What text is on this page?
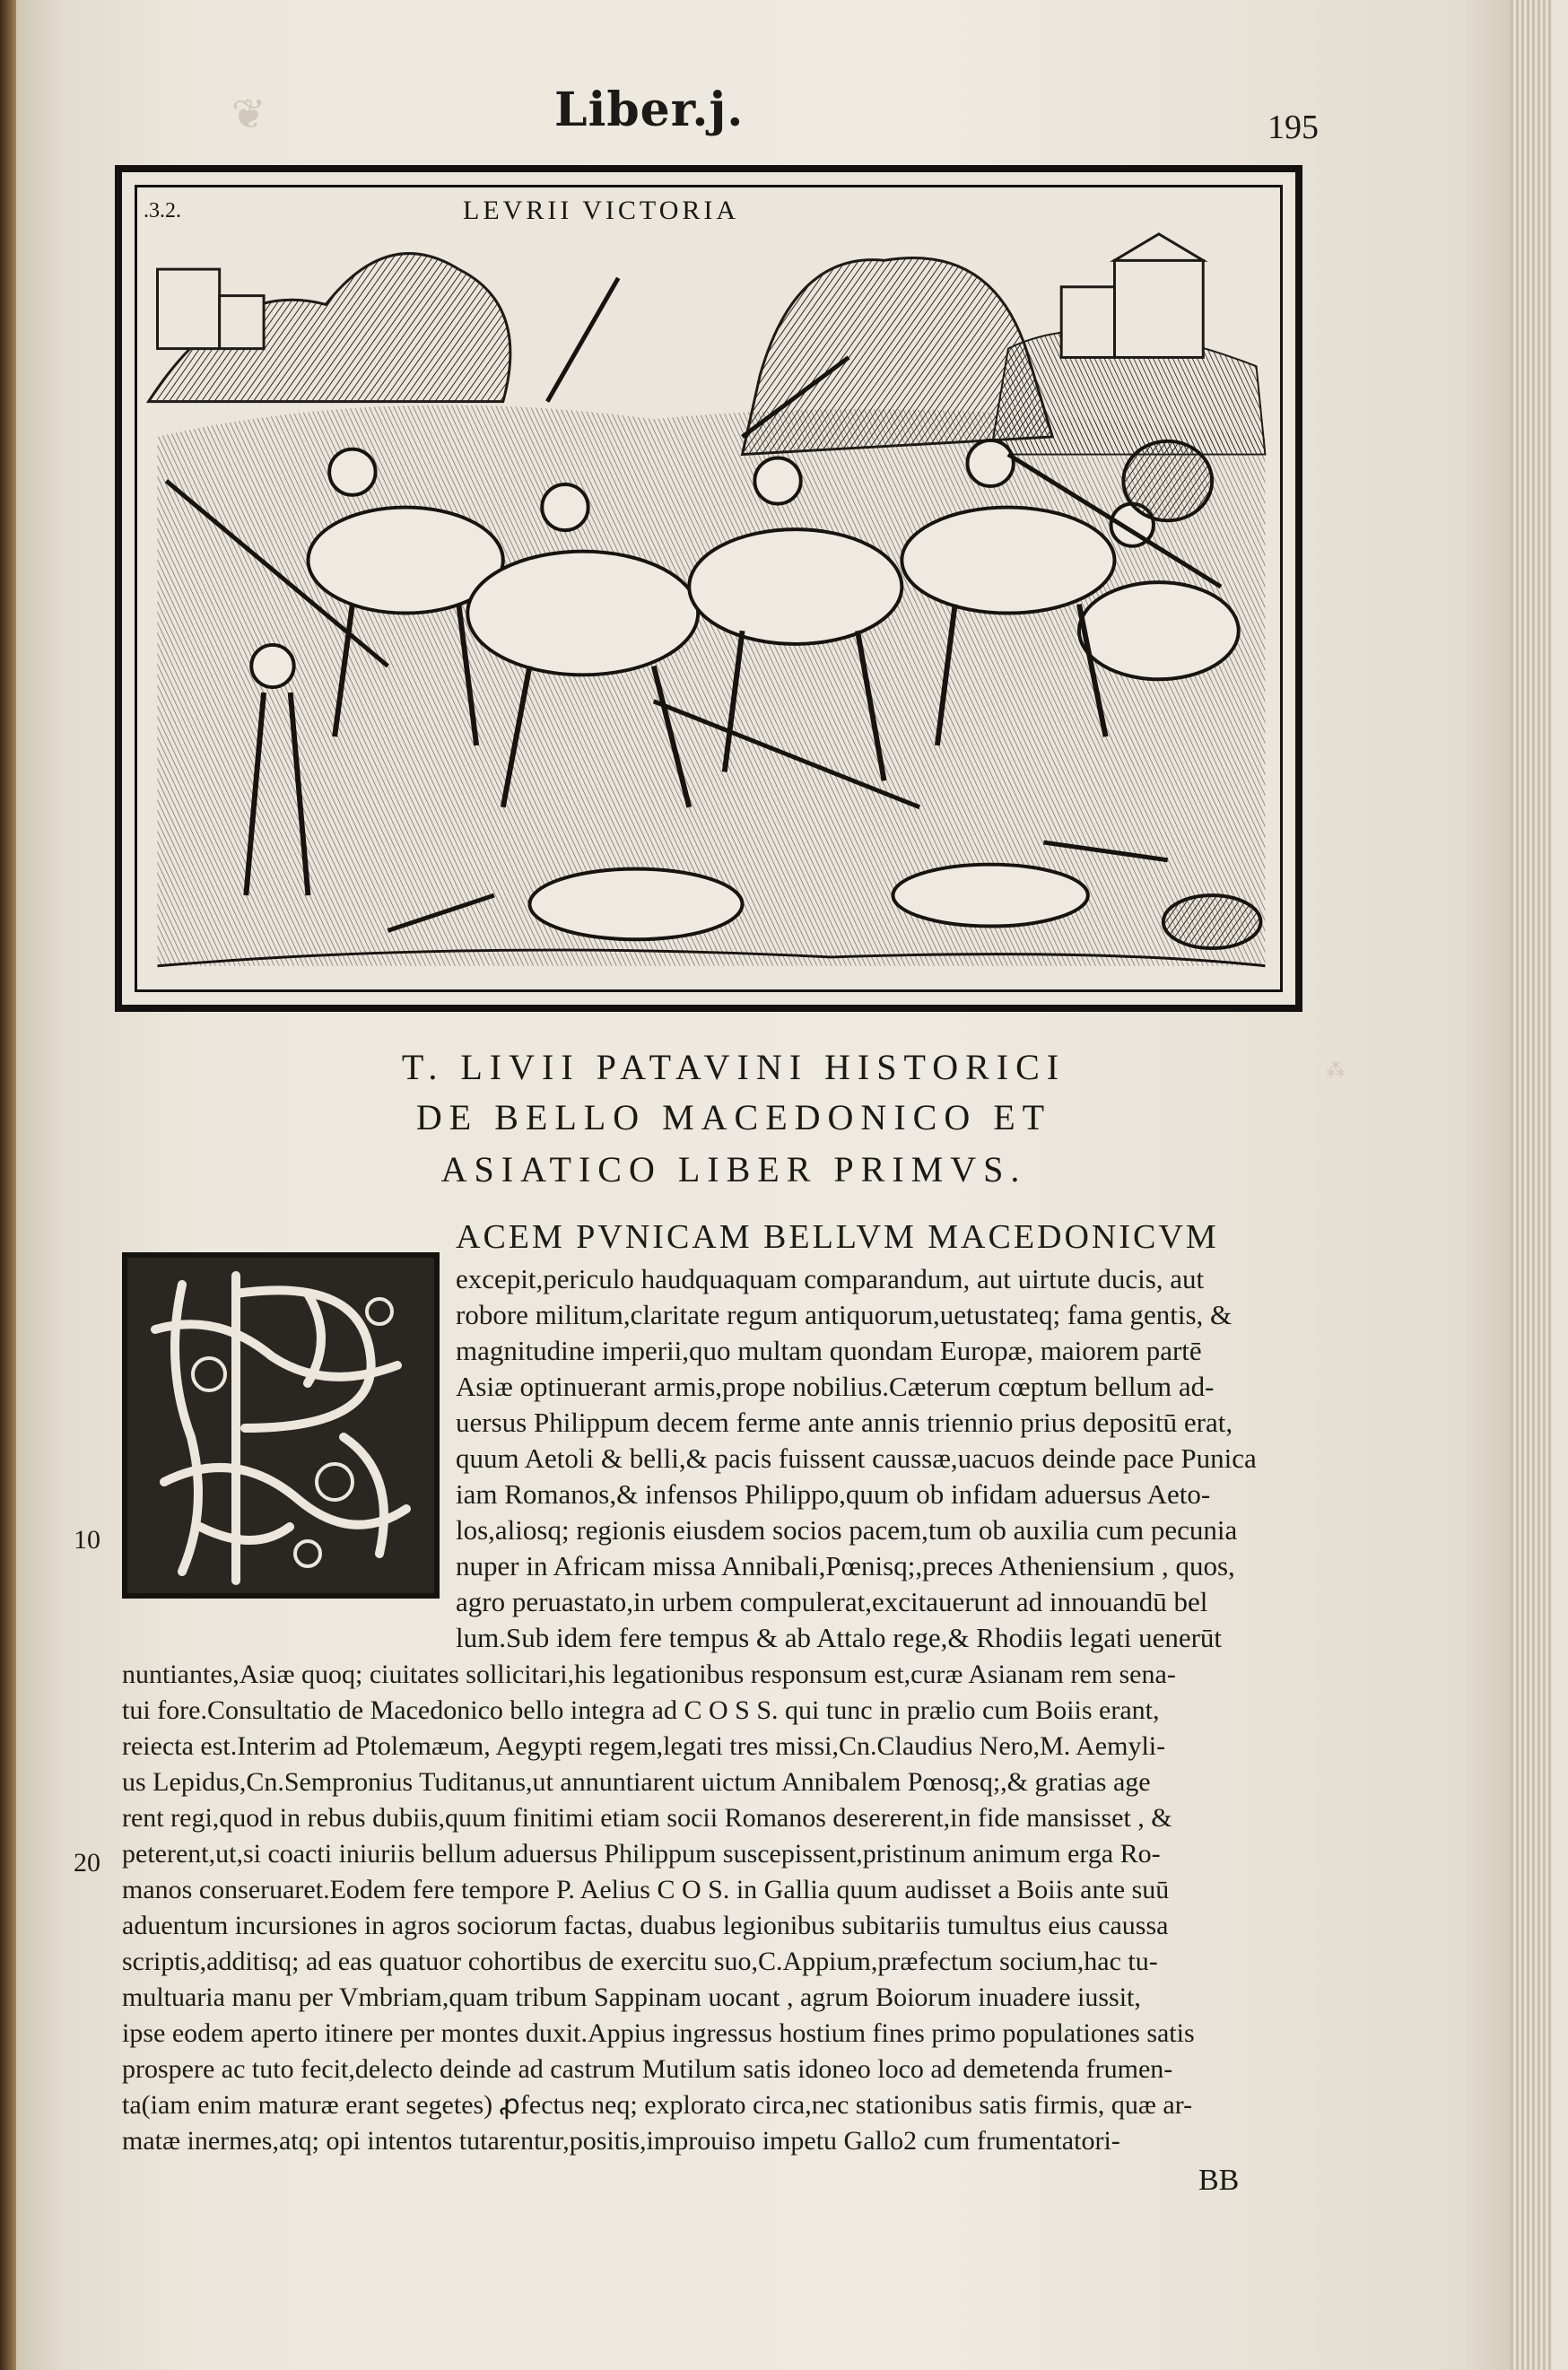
❦
⁂
Liber.j.	195
.3.2.	LEVRII VICTORIA
T. LIVII PATAVINI HISTORICI
DE BELLO MACEDONICO ET
ASIATICO LIBER PRIMVS.
ACEM PVNICAM BELLVM MACEDONICVM
excepit,periculo haudquaquam comparandum, aut uirtute ducis, aut
robore militum,claritate regum antiquorum,uetustateq; fama gentis, &
magnitudine imperii,quo multam quondam Europæ, maiorem partē
Asiæ optinuerant armis,prope nobilius.Cæterum cœptum bellum ad-
uersus Philippum decem ferme ante annis triennio prius depositū erat,
quum Aetoli & belli,& pacis fuissent caussæ,uacuos deinde pace Punica
iam Romanos,& infensos Philippo,quum ob infidam aduersus Aeto-
los,aliosq; regionis eiusdem socios pacem,tum ob auxilia cum pecunia
nuper in Africam missa Annibali,Pœnisq;,preces Atheniensium , quos,
agro peruastato,in urbem compulerat,excitauerunt ad innouandū bel
lum.Sub idem fere tempus & ab Attalo rege,& Rhodiis legati uenerūt
nuntiantes,Asiæ quoq; ciuitates sollicitari,his legationibus responsum est,curæ Asianam rem sena-
tui fore.Consultatio de Macedonico bello integra ad C O S S. qui tunc in prælio cum Boiis erant,
reiecta est.Interim ad Ptolemæum, Aegypti regem,legati tres missi,Cn.Claudius Nero,M. Aemyli-
us Lepidus,Cn.Sempronius Tuditanus,ut annuntiarent uictum Annibalem Pœnosq;,& gratias age
rent regi,quod in rebus dubiis,quum finitimi etiam socii Romanos desererent,in fide mansisset , &
peterent,ut,si coacti iniuriis bellum aduersus Philippum suscepissent,pristinum animum erga Ro-
manos conseruaret.Eodem fere tempore P. Aelius C O S. in Gallia quum audisset a Boiis ante suū
aduentum incursiones in agros sociorum factas, duabus legionibus subitariis tumultus eius caussa
scriptis,additisq; ad eas quatuor cohortibus de exercitu suo,C.Appium,præfectum socium,hac tu-
multuaria manu per Vmbriam,quam tribum Sappinam uocant , agrum Boiorum inuadere iussit,
ipse eodem aperto itinere per montes duxit.Appius ingressus hostium fines primo populationes satis
prospere ac tuto fecit,delecto deinde ad castrum Mutilum satis idoneo loco ad demetenda frumen-
ta(iam enim maturæ erant segetes) ꝓfectus neq; explorato circa,nec stationibus satis firmis, quæ ar-
matæ inermes,atq; opi intentos tutarentur,positis,improuiso impetu Gallo2 cum frumentatori-
10
20
BB
